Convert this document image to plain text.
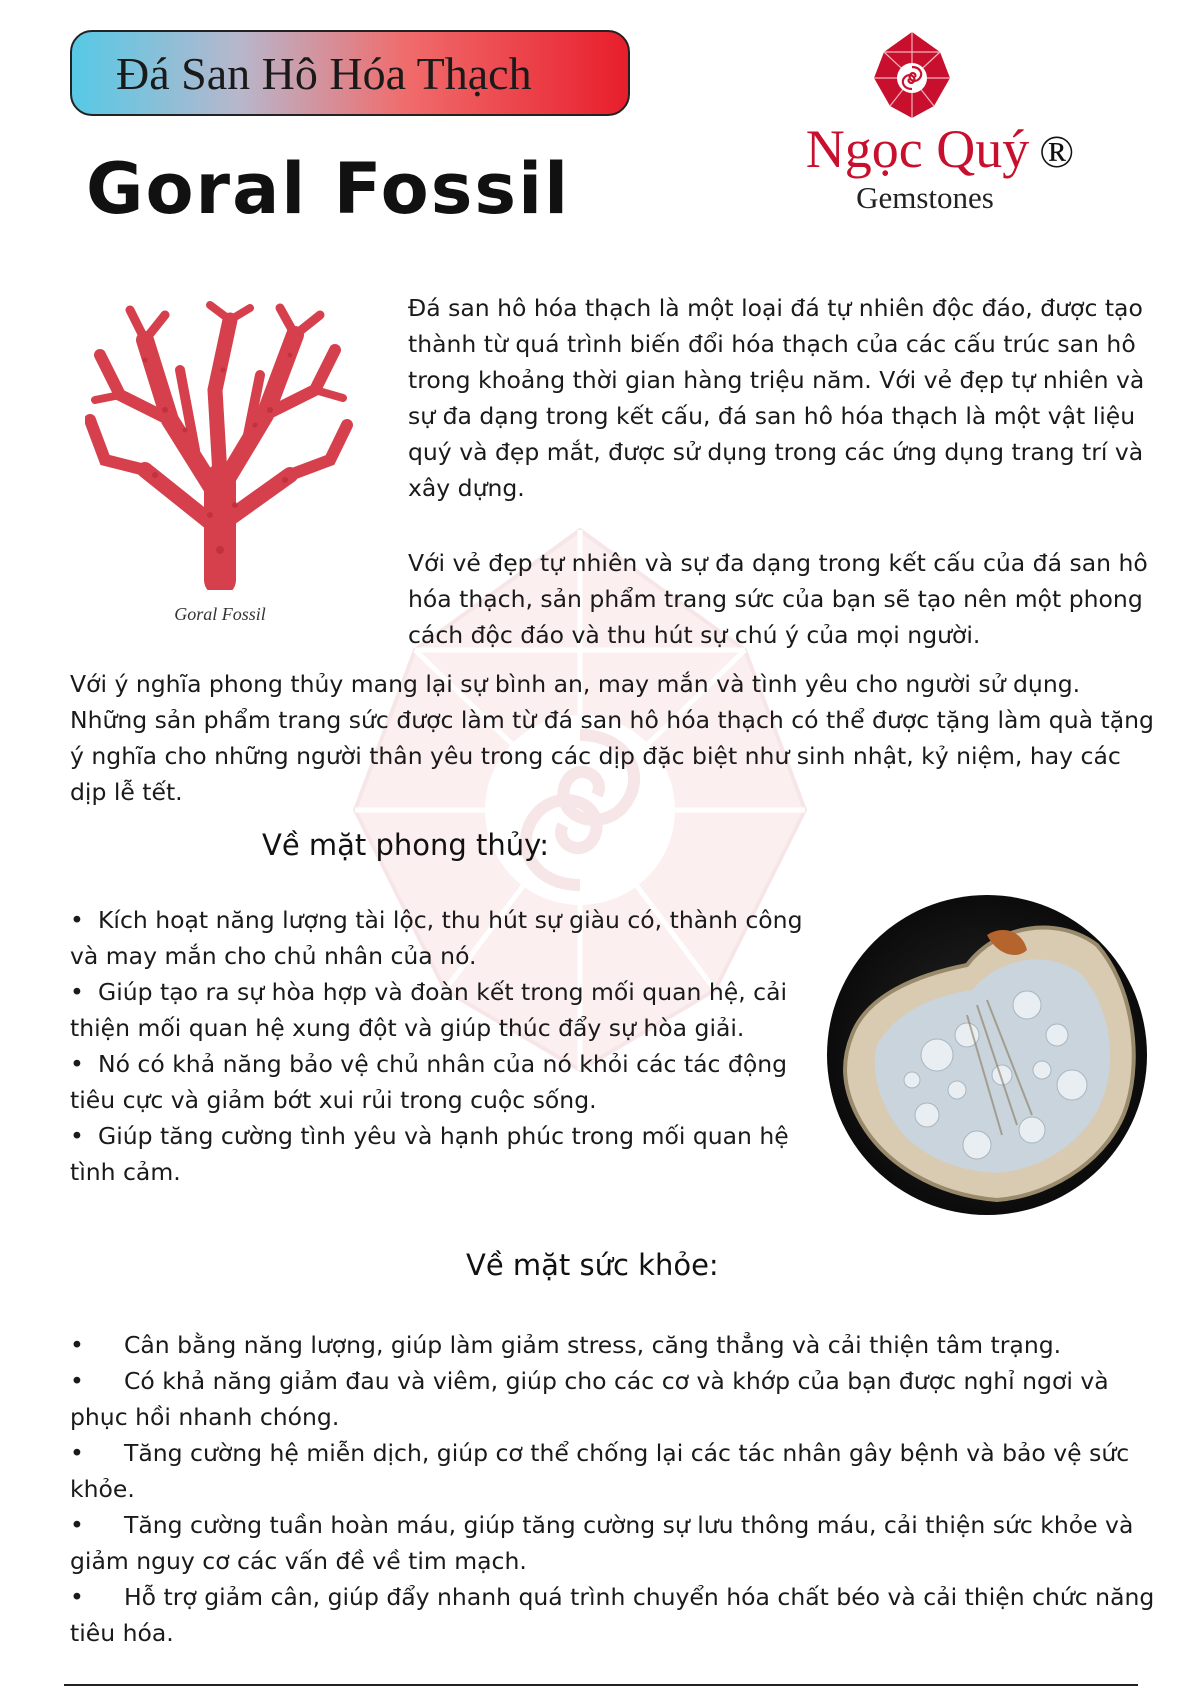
Đá San Hô Hóa Thạch
Goral Fossil	Ngọc Quý ®
Gemstones
Goral Fossil

Đá san hô hóa thạch là một loại đá tự nhiên độc đáo, được tạo thành từ quá trình biến đổi hóa thạch của các cấu trúc san hô trong khoảng thời gian hàng triệu năm. Với vẻ đẹp tự nhiên và sự đa dạng trong kết cấu, đá san hô hóa thạch là một vật liệu quý và đẹp mắt, được sử dụng trong các ứng dụng trang trí và xây dựng.

Với vẻ đẹp tự nhiên và sự đa dạng trong kết cấu của đá san hô hóa thạch, sản phẩm trang sức của bạn sẽ tạo nên một phong cách độc đáo và thu hút sự chú ý của mọi người.

Với ý nghĩa phong thủy mang lại sự bình an, may mắn và tình yêu cho người sử dụng. Những sản phẩm trang sức được làm từ đá san hô hóa thạch có thể được tặng làm quà tặng ý nghĩa cho những người thân yêu trong các dịp đặc biệt như sinh nhật, kỷ niệm, hay các dịp lễ tết.

Về mặt phong thủy:
• Kích hoạt năng lượng tài lộc, thu hút sự giàu có, thành công và may mắn cho chủ nhân của nó.
• Giúp tạo ra sự hòa hợp và đoàn kết trong mối quan hệ, cải thiện mối quan hệ xung đột và giúp thúc đẩy sự hòa giải.
• Nó có khả năng bảo vệ chủ nhân của nó khỏi các tác động tiêu cực và giảm bớt xui rủi trong cuộc sống.
• Giúp tăng cường tình yêu và hạnh phúc trong mối quan hệ tình cảm.
Về mặt sức khỏe:
• Cân bằng năng lượng, giúp làm giảm stress, căng thẳng và cải thiện tâm trạng.
• Có khả năng giảm đau và viêm, giúp cho các cơ và khớp của bạn được nghỉ ngơi và phục hồi nhanh chóng.
• Tăng cường hệ miễn dịch, giúp cơ thể chống lại các tác nhân gây bệnh và bảo vệ sức khỏe.
• Tăng cường tuần hoàn máu, giúp tăng cường sự lưu thông máu, cải thiện sức khỏe và giảm nguy cơ các vấn đề về tim mạch.
• Hỗ trợ giảm cân, giúp đẩy nhanh quá trình chuyển hóa chất béo và cải thiện chức năng tiêu hóa.
